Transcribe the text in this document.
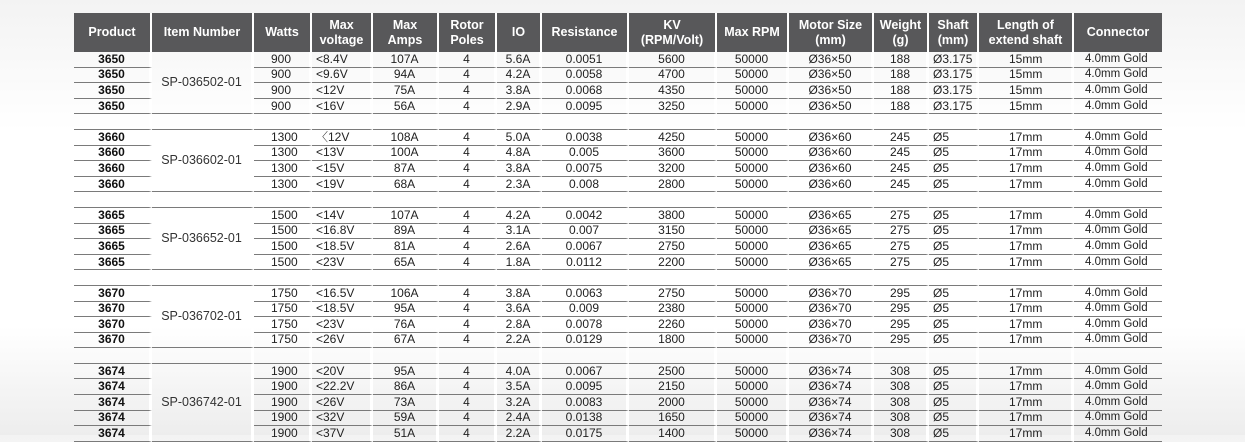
Product	Item Number	Watts	Max voltage	Max Amps	Rotor Poles	IO	Resistance	KV (RPM/Volt)	Max RPM	Motor Size (mm)	Weight (g)	Shaft (mm)	Length of extend shaft	Connector
3650	SP-036502-01	900	<8.4V	107A	4	5.6A	0.0051	5600	50000	Ø36×50	188	Ø3.175	15mm	4.0mm Gold
3650		900	<9.6V	94A	4	4.2A	0.0058	4700	50000	Ø36×50	188	Ø3.175	15mm	4.0mm Gold
3650		900	<12V	75A	4	3.8A	0.0068	4350	50000	Ø36×50	188	Ø3.175	15mm	4.0mm Gold
3650		900	<16V	56A	4	2.9A	0.0095	3250	50000	Ø36×50	188	Ø3.175	15mm	4.0mm Gold

3660	SP-036602-01	1300	〈12V	108A	4	5.0A	0.0038	4250	50000	Ø36×60	245	Ø5	17mm	4.0mm Gold
3660		1300	<13V	100A	4	4.8A	0.005	3600	50000	Ø36×60	245	Ø5	17mm	4.0mm Gold
3660		1300	<15V	87A	4	3.8A	0.0075	3200	50000	Ø36×60	245	Ø5	17mm	4.0mm Gold
3660		1300	<19V	68A	4	2.3A	0.008	2800	50000	Ø36×60	245	Ø5	17mm	4.0mm Gold

3665	SP-036652-01	1500	<14V	107A	4	4.2A	0.0042	3800	50000	Ø36×65	275	Ø5	17mm	4.0mm Gold
3665		1500	<16.8V	89A	4	3.1A	0.007	3150	50000	Ø36×65	275	Ø5	17mm	4.0mm Gold
3665		1500	<18.5V	81A	4	2.6A	0.0067	2750	50000	Ø36×65	275	Ø5	17mm	4.0mm Gold
3665		1500	<23V	65A	4	1.8A	0.0112	2200	50000	Ø36×65	275	Ø5	17mm	4.0mm Gold

3670	SP-036702-01	1750	<16.5V	106A	4	3.8A	0.0063	2750	50000	Ø36×70	295	Ø5	17mm	4.0mm Gold
3670		1750	<18.5V	95A	4	3.6A	0.009	2380	50000	Ø36×70	295	Ø5	17mm	4.0mm Gold
3670		1750	<23V	76A	4	2.8A	0.0078	2260	50000	Ø36×70	295	Ø5	17mm	4.0mm Gold
3670		1750	<26V	67A	4	2.2A	0.0129	1800	50000	Ø36×70	295	Ø5	17mm	4.0mm Gold

3674	SP-036742-01	1900	<20V	95A	4	4.0A	0.0067	2500	50000	Ø36×74	308	Ø5	17mm	4.0mm Gold
3674		1900	<22.2V	86A	4	3.5A	0.0095	2150	50000	Ø36×74	308	Ø5	17mm	4.0mm Gold
3674		1900	<26V	73A	4	3.2A	0.0083	2000	50000	Ø36×74	308	Ø5	17mm	4.0mm Gold
3674		1900	<32V	59A	4	2.4A	0.0138	1650	50000	Ø36×74	308	Ø5	17mm	4.0mm Gold
3674		1900	<37V	51A	4	2.2A	0.0175	1400	50000	Ø36×74	308	Ø5	17mm	4.0mm Gold
